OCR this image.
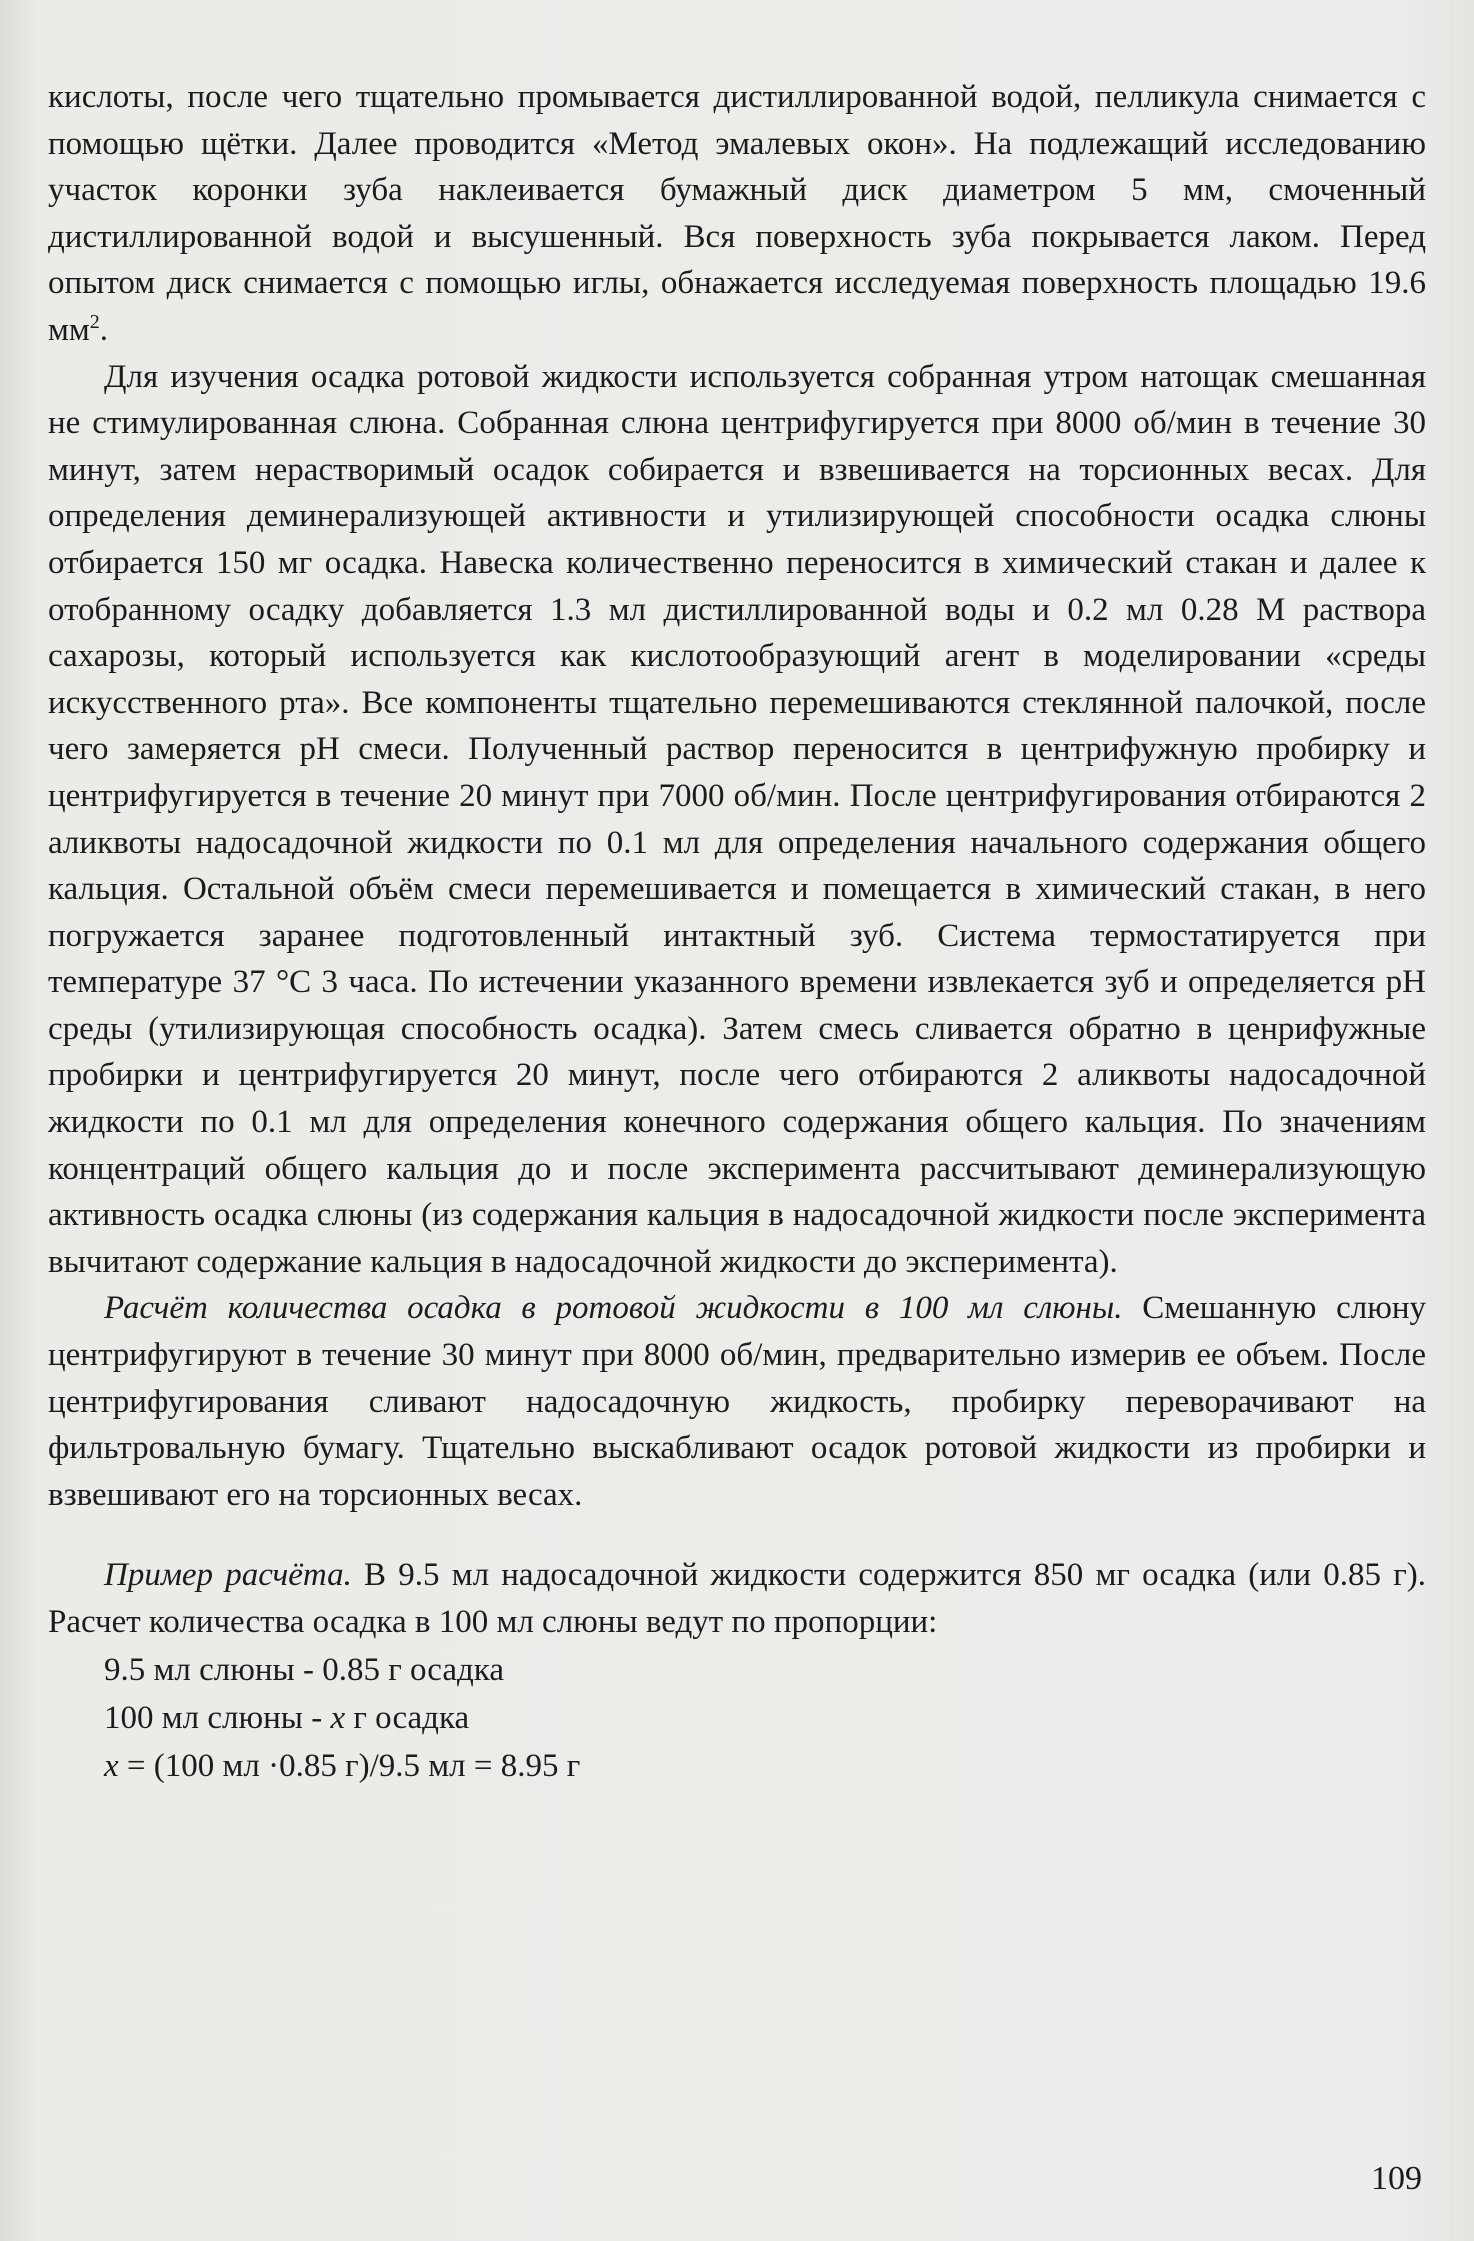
кислоты, после чего тщательно промывается дистиллированной водой, пелликула снимается с помощью щётки. Далее проводится «Метод эмалевых окон». На подлежащий исследованию участок коронки зуба наклеивается бумажный диск диаметром 5 мм, смоченный дистиллированной водой и высушенный. Вся поверхность зуба покрывается лаком. Перед опытом диск снимается с помощью иглы, обнажается исследуемая поверхность площадью 19.6 $мм^2$.

Для изучения осадка ротовой жидкости используется собранная утром натощак смешанная не стимулированная слюна. Собранная слюна центрифугируется при 8000 об/мин в течение 30 минут, затем нерастворимый осадок собирается и взвешивается на торсионных весах. Для определения деминерализующей активности и утилизирующей способности осадка слюны отбирается 150 мг осадка. Навеска количественно переносится в химический стакан и далее к отобранному осадку добавляется 1.3 мл дистиллированной воды и 0.2 мл 0.28 М раствора сахарозы, который используется как кислотообразующий агент в моделировании «среды искусственного рта». Все компоненты тщательно перемешиваются стеклянной палочкой, после чего замеряется pH смеси. Полученный раствор переносится в центрифужную пробирку и центрифугируется в течение 20 минут при 7000 об/мин. После центрифугирования отбираются 2 аликвоты надосадочной жидкости по 0.1 мл для определения начального содержания общего кальция. Остальной объём смеси перемешивается и помещается в химический стакан, в него погружается заранее подготовленный интактный зуб. Система термостатируется при температуре 37 °С 3 часа. По истечении указанного времени извлекается зуб и определяется pH среды (утилизирующая способность осадка). Затем смесь сливается обратно в ценрифужные пробирки и центрифугируется 20 минут, после чего отбираются 2 аликвоты надосадочной жидкости по 0.1 мл для определения конечного содержания общего кальция. По значениям концентраций общего кальция до и после эксперимента рассчитывают деминерализующую активность осадка слюны (из содержания кальция в надосадочной жидкости после эксперимента вычитают содержание кальция в надосадочной жидкости до эксперимента).

Расчёт количества осадка в ротовой жидкости в 100 мл слюны. Смешанную слюну центрифугируют в течение 30 минут при 8000 об/мин, предварительно измерив ее объем. После центрифугирования сливают надосадочную жидкость, пробирку переворачивают на фильтровальную бумагу. Тщательно выскабливают осадок ротовой жидкости из пробирки и взвешивают его на торсионных весах.

Пример расчёта. В 9.5 мл надосадочной жидкости содержится 850 мг осадка (или 0.85 г). Расчет количества осадка в 100 мл слюны ведут по пропорции:

9.5 мл слюны - 0.85 г осадка

100 мл слюны - x г осадка

x = (100 мл ·0.85 г)/9.5 мл = 8.95 г

109
